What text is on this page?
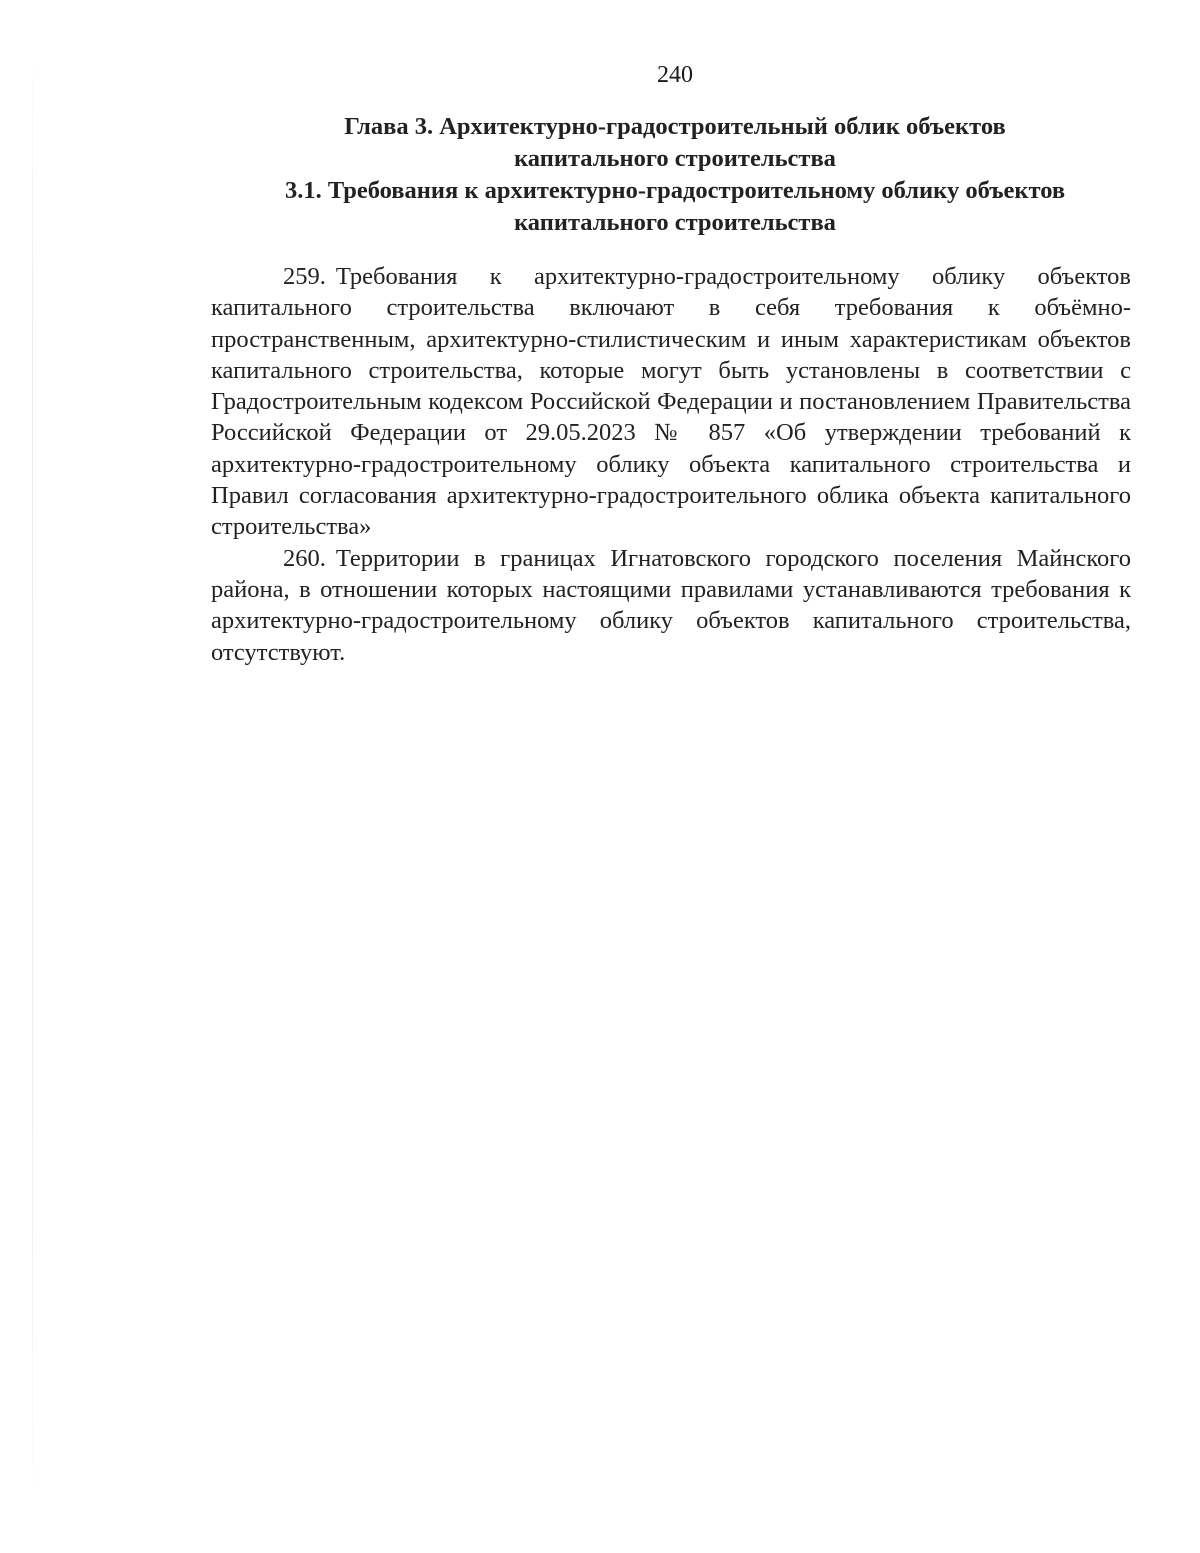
240
Глава 3. Архитектурно-градостроительный облик объектов
капитального строительства
3.1. Требования к архитектурно-градостроительному облику объектов
капитального строительства

259. Требования к архитектурно-градостроительному облику объектов капитального строительства включают в себя требования к объёмно-пространственным, архитектурно-стилистическим и иным характеристикам объектов капитального строительства, которые могут быть установлены в соответствии с Градостроительным кодексом Российской Федерации и постановлением Правительства Российской Федерации от 29.05.2023 № 857 «Об утверждении требований к архитектурно-градостроительному облику объекта капитального строительства и Правил согласования архитектурно-градостроительного облика объекта капитального строительства»

260. Территории в границах Игнатовского городского поселения Майнского района, в отношении которых настоящими правилами устанавливаются требования к архитектурно-градостроительному облику объектов капитального строительства, отсутствуют.
